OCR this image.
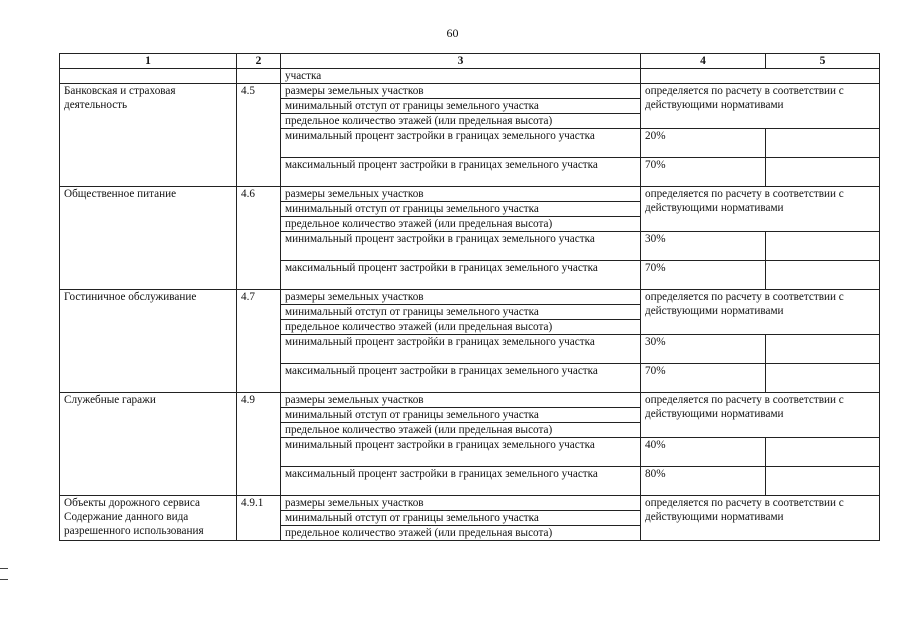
60
1	2	3	4	5
		участка		
Банковская и страховая деятельность	4.5	размеры земельных участков	определяется по расчету в соответствии с действующими нормативами	
		минимальный отступ от границы земельного участка		
		предельное количество этажей (или предельная высота)		
		минимальный процент застройки в границах земельного участка	20%	
		максимальный процент застройки в границах земельного участка	70%	
Общественное питание	4.6	размеры земельных участков	определяется по расчету в соответствии с действующими нормативами	
		минимальный отступ от границы земельного участка		
		предельное количество этажей (или предельная высота)		
		минимальный процент застройки в границах земельного участка	30%	
		максимальный процент застройки в границах земельного участка	70%	
Гостиничное обслуживание	4.7	размеры земельных участков	определяется по расчету в соответствии с действующими нормативами	
		минимальный отступ от границы земельного участка		
		предельное количество этажей (или предельная высота)		
		минимальный процент застройќи в границах земельного участка	30%	
		максимальный процент застройки в границах земельного участка	70%	
Служебные гаражи	4.9	размеры земельных участков	определяется по расчету в соответствии с действующими нормативами	
		минимальный отступ от границы земельного участка		
		предельное количество этажей (или предельная высота)		
		минимальный процент застройки в границах земельного участка	40%	
		максимальный процент застройки в границах земельного участка	80%	
Объекты дорожного сервиса Содержание данного вида разрешенного использования	4.9.1	размеры земельных участков	определяется по расчету в соответствии с действующими нормативами	
		минимальный отступ от границы земельного участка		
		предельное количество этажей (или предельная высота)		
